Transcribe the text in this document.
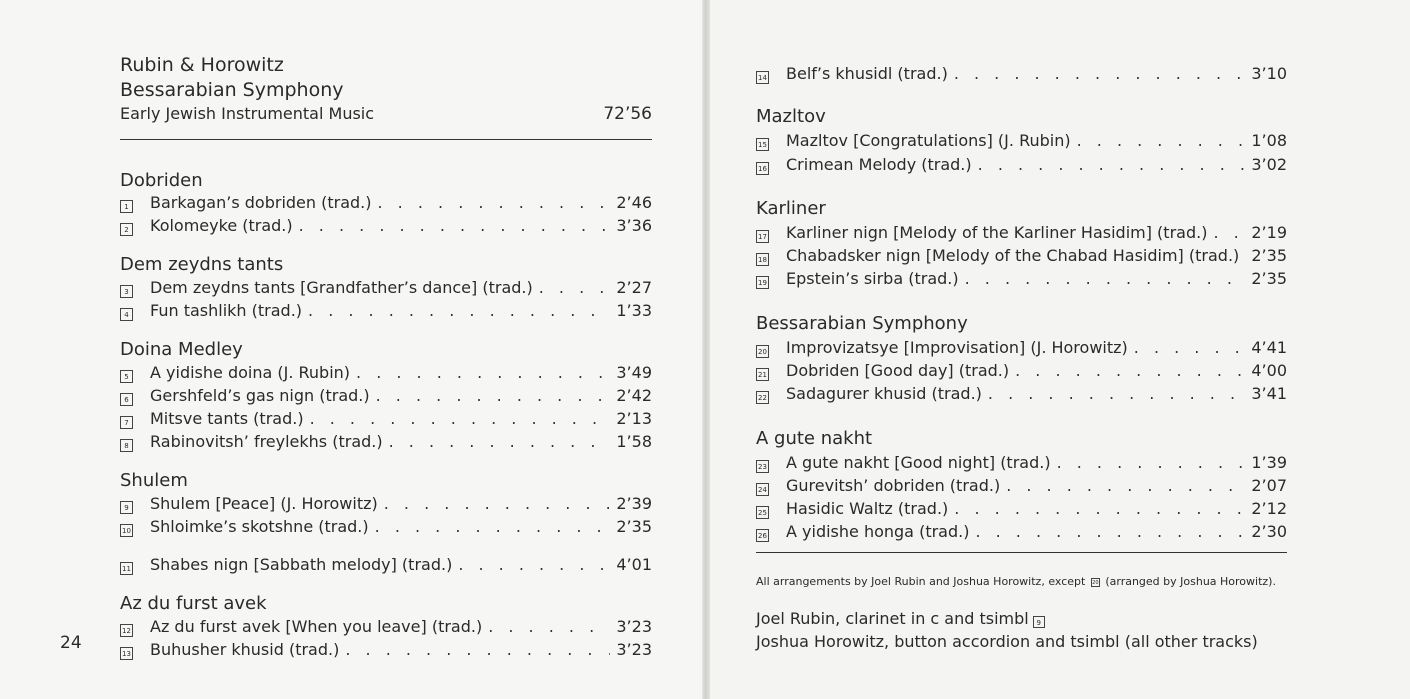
Rubin & Horowitz
Bessarabian Symphony
Early Jewish Instrumental Music	72’56
Dobriden
1 Barkagan’s dobriden (trad.) . . .	2’46
2 Kolomeyke (trad.) . . .	3’36
Dem zeydns tants
3 Dem zeydns tants [Grandfather’s dance] (trad.) . . .	2’27
4 Fun tashlikh (trad.) . . .	1’33
Doina Medley
5 A yidishe doina (J. Rubin) . . .	3’49
6 Gershfeld’s gas nign (trad.) . . .	2’42
7 Mitsve tants (trad.) . . .	2’13
8 Rabinovitsh’ freylekhs (trad.) . . .	1’58
Shulem
9 Shulem [Peace] (J. Horowitz) . . .	2’39
10 Shloimke’s skotshne (trad.) . . .	2’35
11 Shabes nign [Sabbath melody] (trad.) . . .	4’01
Az du furst avek
12 Az du furst avek [When you leave] (trad.) . . .	3’23
13 Buhusher khusid (trad.) . . .	3’23
14 Belf’s khusidl (trad.) . . .	3’10
Mazltov
15 Mazltov [Congratulations] (J. Rubin) . . .	1’08
16 Crimean Melody (trad.) . . .	3’02
Karliner
17 Karliner nign [Melody of the Karliner Hasidim] (trad.) . . .	2’19
18 Chabadsker nign [Melody of the Chabad Hasidim] (trad.) . . . 2’35
19 Epstein’s sirba (trad.) . . .	2’35
Bessarabian Symphony
20 Improvizatsye [Improvisation] (J. Horowitz) . . .	4’41
21 Dobriden [Good day] (trad.) . . .	4’00
22 Sadagurer khusid (trad.) . . .	3’41
A gute nakht
23 A gute nakht [Good night] (trad.) . . .	1’39
24 Gurevitsh’ dobriden (trad.) . . .	2’07
25 Hasidic Waltz (trad.) . . .	2’12
26 A yidishe honga (trad.) . . .	2’30
24
All arrangements by Joel Rubin and Joshua Horowitz, except 20 (arranged by Joshua Horowitz).
Joel Rubin, clarinet in c and tsimbl 9
Joshua Horowitz, button accordion and tsimbl (all other tracks)
